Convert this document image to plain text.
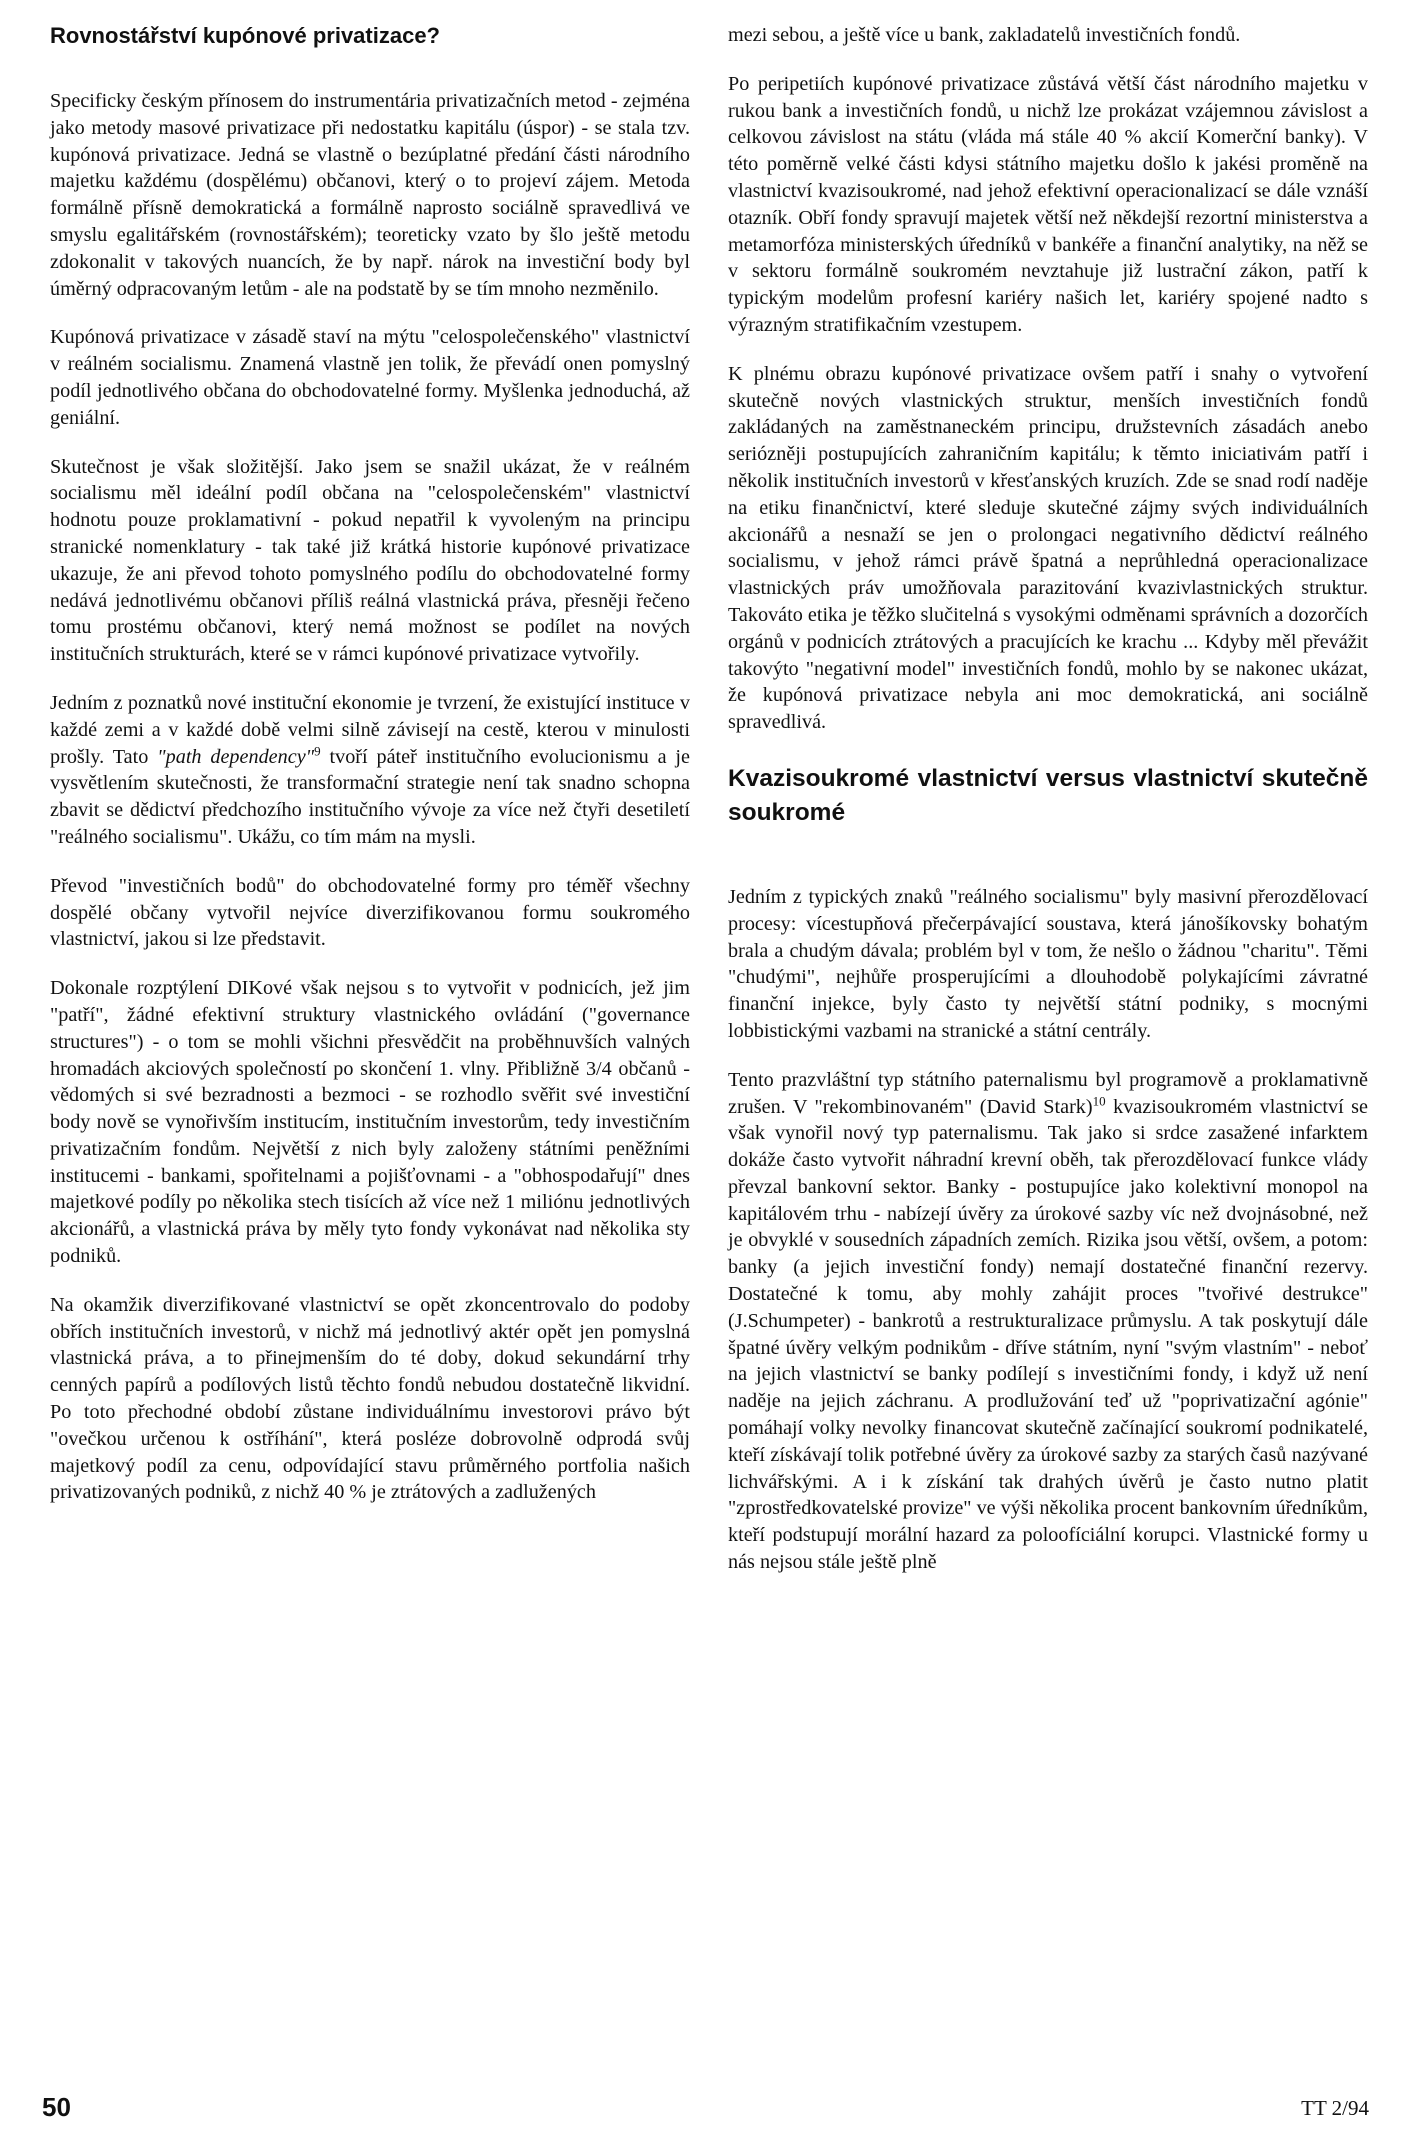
Rovnostářství kupónové privatizace?

Specificky českým přínosem do instrumentária privatizačních metod - zejména jako metody masové privatizace při nedostatku kapitálu (úspor) - se stala tzv. kupónová privatizace. Jedná se vlastně o bezúplatné předání části národního majetku každému (dospělému) občanovi, který o to projeví zájem. Metoda formálně přísně demokratická a formálně naprosto sociálně spravedlivá ve smyslu egalitářském (rovnostářském); teoreticky vzato by šlo ještě metodu zdokonalit v takových nuancích, že by např. nárok na investiční body byl úměrný odpracovaným letům - ale na podstatě by se tím mnoho nezměnilo.

Kupónová privatizace v zásadě staví na mýtu "celospolečenského" vlastnictví v reálném socialismu. Znamená vlastně jen tolik, že převádí onen pomyslný podíl jednotlivého občana do obchodovatelné formy. Myšlenka jednoduchá, až geniální.

Skutečnost je však složitější. Jako jsem se snažil ukázat, že v reálném socialismu měl ideální podíl občana na "celospolečenském" vlastnictví hodnotu pouze proklamativní - pokud nepatřil k vyvoleným na principu stranické nomenklatury - tak také již krátká historie kupónové privatizace ukazuje, že ani převod tohoto pomyslného podílu do obchodovatelné formy nedává jednotlivému občanovi příliš reálná vlastnická práva, přesněji řečeno tomu prostému občanovi, který nemá možnost se podílet na nových institučních strukturách, které se v rámci kupónové privatizace vytvořily.

Jedním z poznatků nové instituční ekonomie je tvrzení, že existující instituce v každé zemi a v každé době velmi silně závisejí na cestě, kterou v minulosti prošly. Tato "path dependency"$^9$ tvoří páteř institučního evolucionismu a je vysvětlením skutečnosti, že transformační strategie není tak snadno schopna zbavit se dědictví předchozího institučního vývoje za více než čtyři desetiletí "reálného socialismu". Ukážu, co tím mám na mysli.

Převod "investičních bodů" do obchodovatelné formy pro téměř všechny dospělé občany vytvořil nejvíce diverzifikovanou formu soukromého vlastnictví, jakou si lze představit.

Dokonale rozptýlení DIKové však nejsou s to vytvořit v podnicích, jež jim "patří", žádné efektivní struktury vlastnického ovládání ("governance structures") - o tom se mohli všichni přesvědčit na proběhnuvších valných hromadách akciových společností po skončení 1. vlny. Přibližně 3/4 občanů - vědomých si své bezradnosti a bezmoci - se rozhodlo svěřit své investiční body nově se vynořivším institucím, institučním investorům, tedy investičním privatizačním fondům. Největší z nich byly založeny státními peněžními institucemi - bankami, spořitelnami a pojišťovnami - a "obhospodařují" dnes majetkové podíly po několika stech tisících až více než 1 miliónu jednotlivých akcionářů, a vlastnická práva by měly tyto fondy vykonávat nad několika sty podniků.

Na okamžik diverzifikované vlastnictví se opět zkoncentrovalo do podoby obřích institučních investorů, v nichž má jednotlivý aktér opět jen pomyslná vlastnická práva, a to přinejmenším do té doby, dokud sekundární trhy cenných papírů a podílových listů těchto fondů nebudou dostatečně likvidní. Po toto přechodné období zůstane individuálnímu investorovi právo být "ovečkou určenou k ostříhání", která posléze dobrovolně odprodá svůj majetkový podíl za cenu, odpovídající stavu průměrného portfolia našich privatizovaných podniků, z nichž 40 % je ztrátových a zadlužených

mezi sebou, a ještě více u bank, zakladatelů investičních fondů.

Po peripetiích kupónové privatizace zůstává větší část národního majetku v rukou bank a investičních fondů, u nichž lze prokázat vzájemnou závislost a celkovou závislost na státu (vláda má stále 40 % akcií Komerční banky). V této poměrně velké části kdysi státního majetku došlo k jakési proměně na vlastnictví kvazisoukromé, nad jehož efektivní operacionalizací se dále vznáší otazník. Obří fondy spravují majetek větší než někdejší rezortní ministerstva a metamorfóza ministerských úředníků v bankéře a finanční analytiky, na něž se v sektoru formálně soukromém nevztahuje již lustrační zákon, patří k typickým modelům profesní kariéry našich let, kariéry spojené nadto s výrazným stratifikačním vzestupem.

K plnému obrazu kupónové privatizace ovšem patří i snahy o vytvoření skutečně nových vlastnických struktur, menších investičních fondů zakládaných na zaměstnaneckém principu, družstevních zásadách anebo seriózněji postupujících zahraničním kapitálu; k těmto iniciativám patří i několik institučních investorů v křesťanských kruzích. Zde se snad rodí naděje na etiku finančnictví, které sleduje skutečné zájmy svých individuálních akcionářů a nesnaží se jen o prolongaci negativního dědictví reálného socialismu, v jehož rámci právě špatná a neprůhledná operacionalizace vlastnických práv umožňovala parazitování kvazivlastnických struktur. Takováto etika je těžko slučitelná s vysokými odměnami správních a dozorčích orgánů v podnicích ztrátových a pracujících ke krachu ... Kdyby měl převážit takovýto "negativní model" investičních fondů, mohlo by se nakonec ukázat, že kupónová privatizace nebyla ani moc demokratická, ani sociálně spravedlivá.

Kvazisoukromé vlastnictví versus vlastnictví skutečně soukromé

Jedním z typických znaků "reálného socialismu" byly masivní přerozdělovací procesy: vícestupňová přečerpávající soustava, která jánošíkovsky bohatým brala a chudým dávala; problém byl v tom, že nešlo o žádnou "charitu". Těmi "chudými", nejhůře prosperujícími a dlouhodobě polykajícími závratné finanční injekce, byly často ty největší státní podniky, s mocnými lobbistickými vazbami na stranické a státní centrály.

Tento prazvláštní typ státního paternalismu byl programově a proklamativně zrušen. V "rekombinovaném" (David Stark)$^{10}$ kvazisoukromém vlastnictví se však vynořil nový typ paternalismu. Tak jako si srdce zasažené infarktem dokáže často vytvořit náhradní krevní oběh, tak přerozdělovací funkce vlády převzal bankovní sektor. Banky - postupujíce jako kolektivní monopol na kapitálovém trhu - nabízejí úvěry za úrokové sazby víc než dvojnásobné, než je obvyklé v sousedních západních zemích. Rizika jsou větší, ovšem, a potom: banky (a jejich investiční fondy) nemají dostatečné finanční rezervy. Dostatečné k tomu, aby mohly zahájit proces "tvořivé destrukce" (J.Schumpeter) - bankrotů a restrukturalizace průmyslu. A tak poskytují dále špatné úvěry velkým podnikům - dříve státním, nyní "svým vlastním" - neboť na jejich vlastnictví se banky podílejí s investičními fondy, i když už není naděje na jejich záchranu. A prodlužování teď už "poprivatizační agónie" pomáhají volky nevolky financovat skutečně začínající soukromí podnikatelé, kteří získávají tolik potřebné úvěry za úrokové sazby za starých časů nazývané lichvářskými. A i k získání tak drahých úvěrů je často nutno platit "zprostředkovatelské provize" ve výši několika procent bankovním úředníkům, kteří podstupují morální hazard za poloofíciální korupci. Vlastnické formy u nás nejsou stále ještě plně

50	TT 2/94
